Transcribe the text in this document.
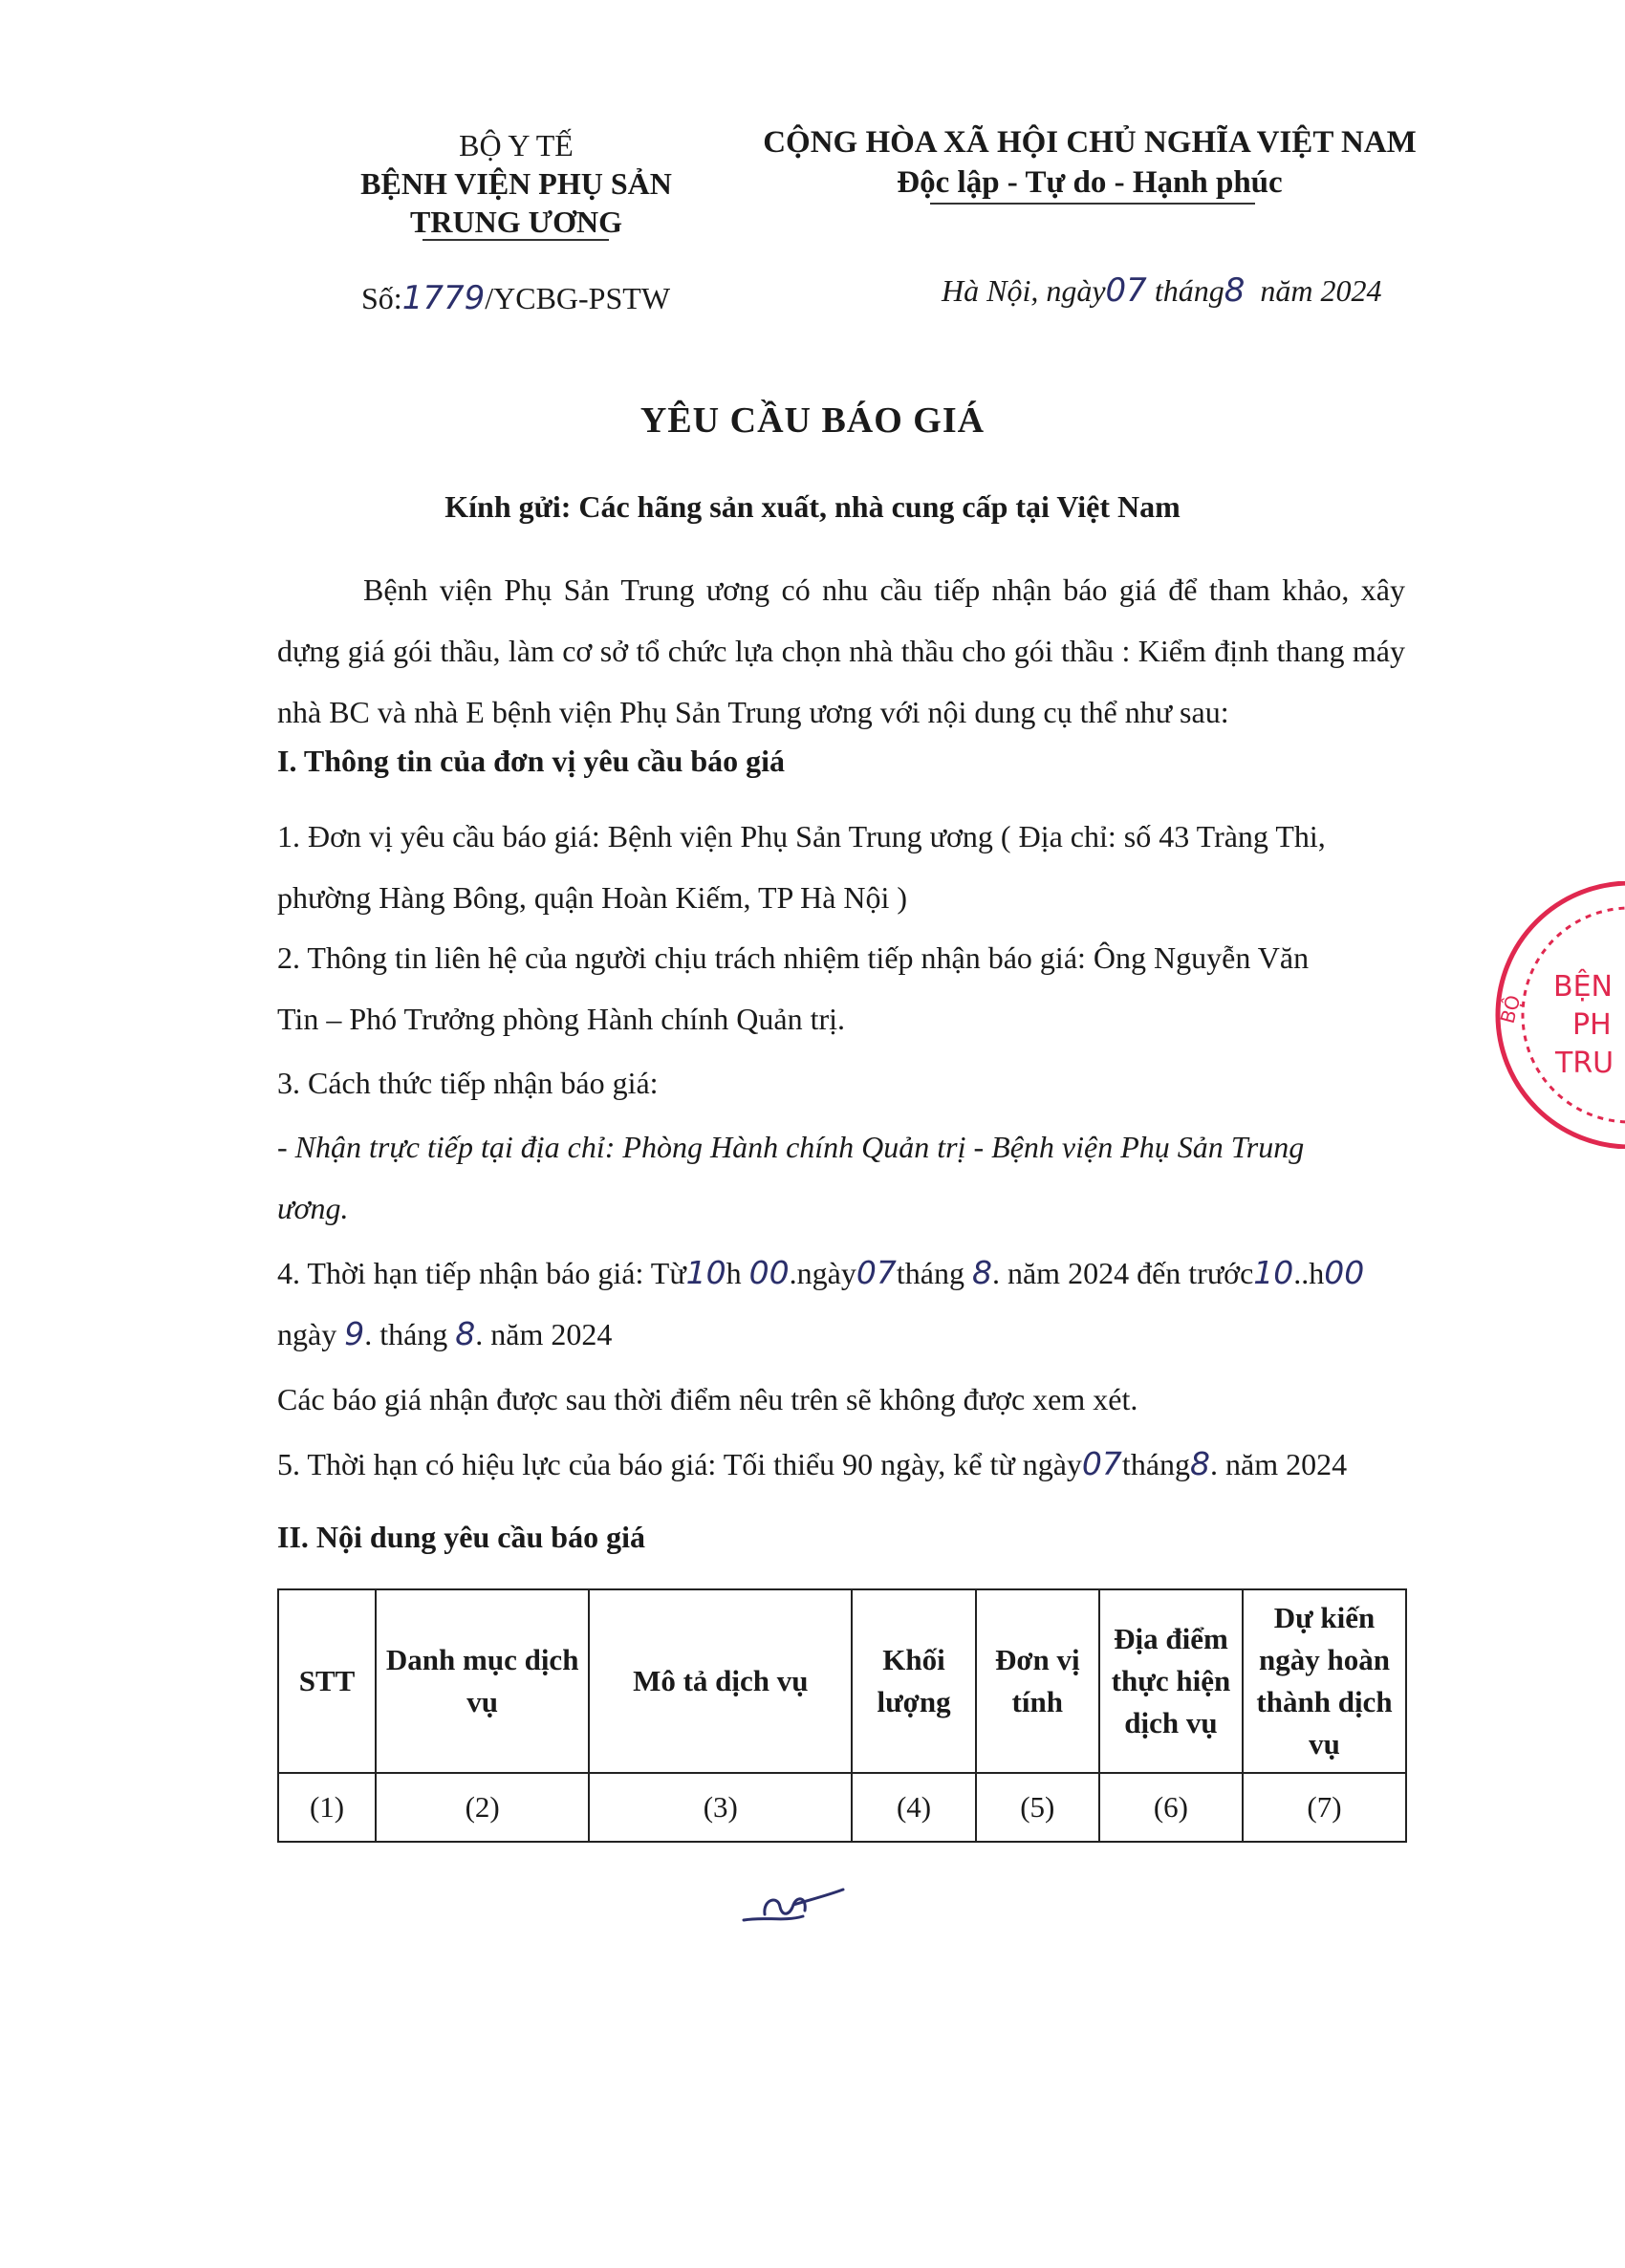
BỘ Y TẾ
BỆNH VIỆN PHỤ SẢN
TRUNG ƯƠNG
CỘNG HÒA XÃ HỘI CHỦ NGHĨA VIỆT NAM
Độc lập - Tự do - Hạnh phúc
Số:1779/YCBG-PSTW	Hà Nội, ngày07 tháng8 năm 2024
YÊU CẦU BÁO GIÁ
Kính gửi: Các hãng sản xuất, nhà cung cấp tại Việt Nam
Bệnh viện Phụ Sản Trung ương có nhu cầu tiếp nhận báo giá để tham khảo, xây dựng giá gói thầu, làm cơ sở tổ chức lựa chọn nhà thầu cho gói thầu : Kiểm định thang máy nhà BC và nhà E bệnh viện Phụ Sản Trung ương với nội dung cụ thể như sau:
I. Thông tin của đơn vị yêu cầu báo giá
1. Đơn vị yêu cầu báo giá: Bệnh viện Phụ Sản Trung ương ( Địa chỉ: số 43 Tràng Thi,
phường Hàng Bông, quận Hoàn Kiếm, TP Hà Nội )
2. Thông tin liên hệ của người chịu trách nhiệm tiếp nhận báo giá: Ông Nguyễn Văn
Tin – Phó Trưởng phòng Hành chính Quản trị.
3. Cách thức tiếp nhận báo giá:
- Nhận trực tiếp tại địa chỉ: Phòng Hành chính Quản trị - Bệnh viện Phụ Sản Trung
ương.
4. Thời hạn tiếp nhận báo giá: Từ10h 00.ngày07tháng 8. năm 2024 đến trước10..h00
ngày 9. tháng 8. năm 2024
Các báo giá nhận được sau thời điểm nêu trên sẽ không được xem xét.
5. Thời hạn có hiệu lực của báo giá: Tối thiểu 90 ngày, kể từ ngày07tháng8. năm 2024
II. Nội dung yêu cầu báo giá
STT	Danh mục dịch vụ	Mô tả dịch vụ	Khối lượng	Đơn vị tính	Địa điểm thực hiện dịch vụ	Dự kiến ngày hoàn thành dịch vụ
(1)	(2)	(3)	(4)	(5)	(6)	(7)
BỆN
PH
TRU
BỘ
